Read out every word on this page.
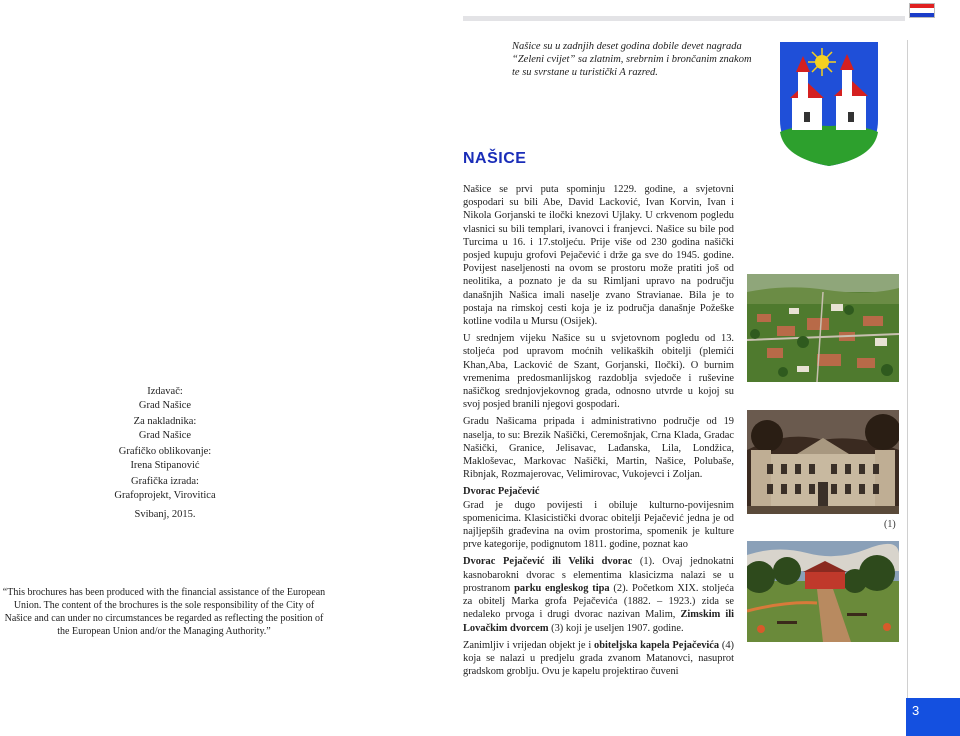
Našice su u zadnjih deset godina dobile devet nagrada “Zeleni cvijet” sa zlatnim, srebrnim i brončanim znakom te su svrstane u turistički A razred.
NAŠICE

Našice se prvi puta spominju 1229. godine, a svjetovni gospodari su bili Abe, David Lacković, Ivan Korvin, Ivan i Nikola Gorjanski te iločki knezovi Ujlaky. U crkvenom pogledu vlasnici su bili templari, ivanovci i franjevci. Našice su bile pod Turcima u 16. i 17.stoljeću. Prije više od 230 godina našički posjed kupuju grofovi Pejačević i drže ga sve do 1945. godine. Povijest naseljenosti na ovom se prostoru može pratiti još od neolitika, a poznato je da su Rimljani upravo na području današnjih Našica imali naselje zvano Stravianae. Bila je to postaja na rimskoj cesti koja je iz područja današnje Požeške kotline vodila u Mursu (Osijek).

U srednjem vijeku Našice su u svjetovnom pogledu od 13. stoljeća pod upravom moćnih velikaških obitelji (plemići Khan,Aba, Lacković de Szant, Gorjanski, Iločki). O burnim vremenima predosmanlijskog razdoblja svjedoče i ruševine našičkog srednjovjekovnog grada, odnosno utvrde u kojoj su svoj posjed branili njegovi gospodari.

Gradu Našicama pripada i administrativno područje od 19 naselja, to su: Brezik Našički, Ceremošnjak, Crna Klada, Gradac Našički, Granice, Jelisavac, Lađanska, Lila, Londžica, Makloševac, Markovac Našički, Martin, Našice, Polubaše, Ribnjak, Rozmajerovac, Velimirovac, Vukojevci i Zoljan.

Dvorac Pejačević

Grad je dugo povijesti i obiluje kulturno-povijesnim spomenicima. Klasicistički dvorac obitelji Pejačević jedna je od najljepših građevina na ovim prostorima, spomenik je kulture prve kategorije, podignutom 1811. godine, poznat kao

Dvorac Pejačević ili Veliki dvorac (1). Ovaj jednokatni kasnobarokni dvorac s elementima klasicizma nalazi se u prostranom parku engleskog tipa (2). Početkom XIX. stoljeća za obitelj Marka grofa Pejačevića (1882. – 1923.) zida se nedaleko prvoga i drugi dvorac nazivan Malim, Zimskim ili Lovačkim dvorcem (3) koji je useljen 1907. godine.

Zanimljiv i vrijedan objekt je i obiteljska kapela Pejačevića (4) koja se nalazi u predjelu grada zvanom Matanovci, nasuprot gradskom groblju. Ovu je kapelu projektirao čuveni

Izdavač:
Grad Našice
Za nakladnika:
Grad Našice
Grafičko oblikovanje:
Irena Stipanović
Grafička izrada:
Grafoprojekt, Virovitica
Svibanj, 2015.
“This brochures has been produced with the financial assistance of the European Union. The content of the brochures is the sole responsibility of the City of Našice and can under no circumstances be regarded as reflecting the position of the European Union and/or the Managing Authority.”
(1)
3
